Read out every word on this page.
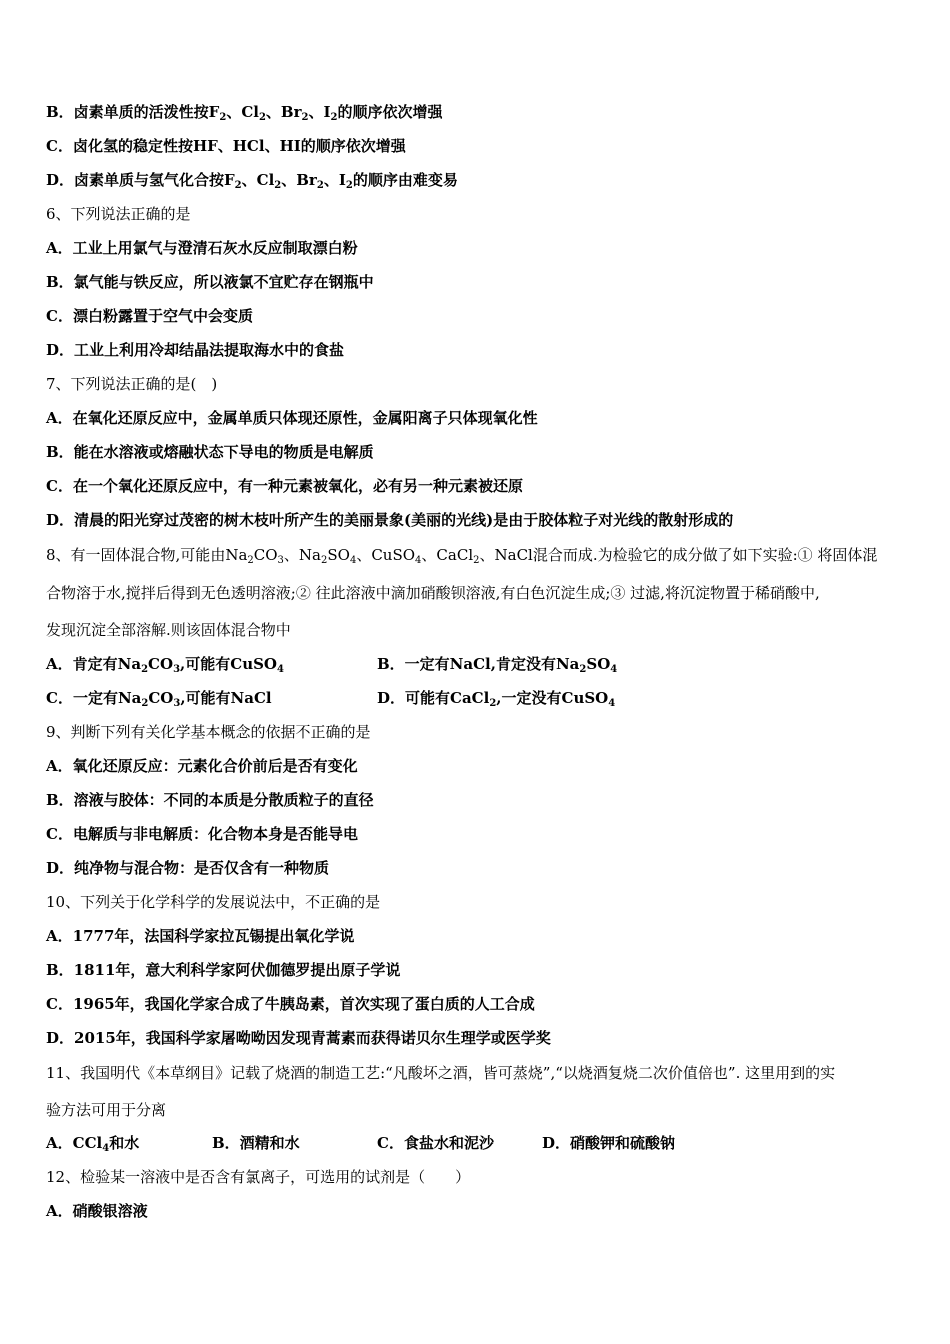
B．卤素单质的活泼性按$F_2$、$Cl_2$、$Br_2$、$I_2$的顺序依次增强
C．卤化氢的稳定性按HF、HCl、HI的顺序依次增强
D．卤素单质与氢气化合按$F_2$、$Cl_2$、$Br_2$、$I_2$的顺序由难变易
6、下列说法正确的是
A．工业上用氯气与澄清石灰水反应制取漂白粉
B．氯气能与铁反应，所以液氯不宜贮存在钢瓶中
C．漂白粉露置于空气中会变质
D．工业上利用冷却结晶法提取海水中的食盐
7、下列说法正确的是(　)
A．在氧化还原反应中，金属单质只体现还原性，金属阳离子只体现氧化性
B．能在水溶液或熔融状态下导电的物质是电解质
C．在一个氧化还原反应中，有一种元素被氧化，必有另一种元素被还原
D．清晨的阳光穿过茂密的树木枝叶所产生的美丽景象(美丽的光线)是由于胶体粒子对光线的散射形成的
8、有一固体混合物,可能由$Na_2CO_3$、$Na_2SO_4$、CuSO$_4$、CaCl$_2$、NaCl混合而成.为检验它的成分做了如下实验:① 将固体混
合物溶于水,搅拌后得到无色透明溶液;② 往此溶液中滴加硝酸钡溶液,有白色沉淀生成;③ 过滤,将沉淀物置于稀硝酸中,
发现沉淀全部溶解.则该固体混合物中
A．肯定有$Na_2CO_3$,可能有CuSO$_4$	B．一定有NaCl,肯定没有$Na_2SO_4$
C．一定有$Na_2CO_3$,可能有NaCl	D．可能有CaCl$_2$,一定没有CuSO$_4$
9、判断下列有关化学基本概念的依据不正确的是
A．氧化还原反应：元素化合价前后是否有变化
B．溶液与胶体：不同的本质是分散质粒子的直径
C．电解质与非电解质：化合物本身是否能导电
D．纯净物与混合物：是否仅含有一种物质
10、下列关于化学科学的发展说法中，不正确的是
A．1777年，法国科学家拉瓦锡提出氧化学说
B．1811年，意大利科学家阿伏伽德罗提出原子学说
C．1965年，我国化学家合成了牛胰岛素，首次实现了蛋白质的人工合成
D．2015年，我国科学家屠呦呦因发现青蒿素而获得诺贝尔生理学或医学奖
11、我国明代《本草纲目》记载了烧酒的制造工艺:“凡酸坏之酒，皆可蒸烧”,“以烧酒复烧二次价值倍也”. 这里用到的实
验方法可用于分离
A．CCl$_4$和水	B．酒精和水	C．食盐水和泥沙	D．硝酸钾和硫酸钠
12、检验某一溶液中是否含有氯离子，可选用的试剂是（　　）
A．硝酸银溶液
